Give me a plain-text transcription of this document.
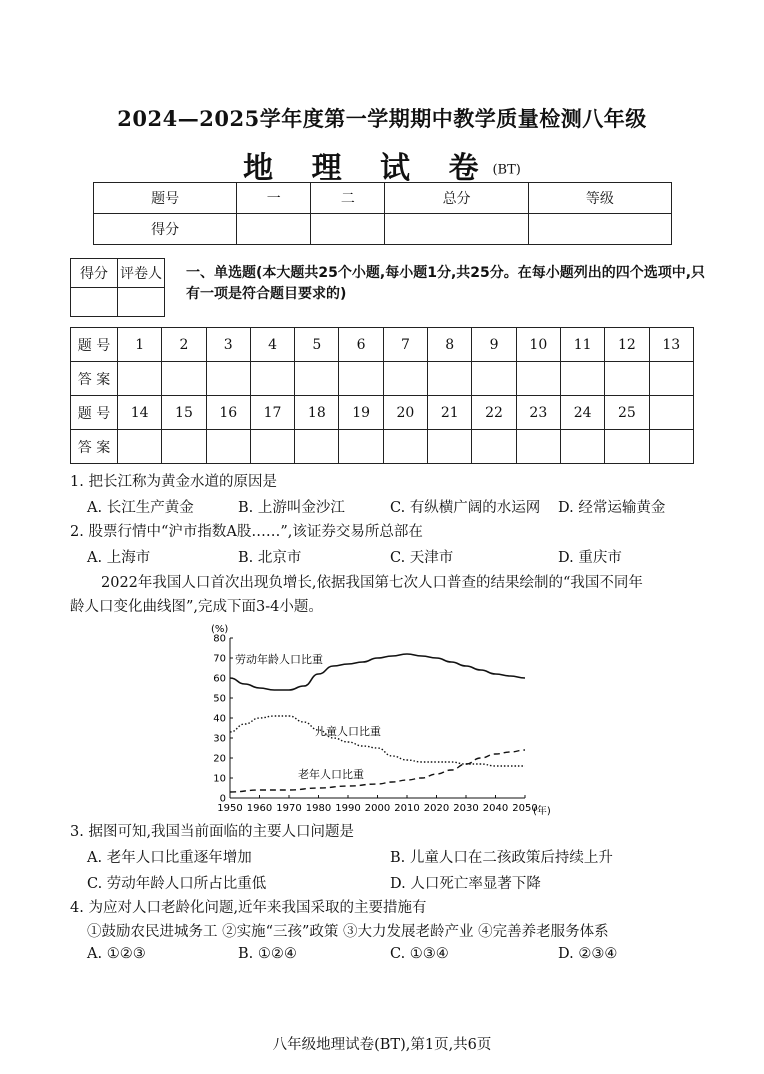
2024—2025学年度第一学期期中教学质量检测八年级
地 理 试 卷(BT)
题号	一	二	总分	等级
得分				
得分	评卷人
	一、单选题(本大题共25个小题,每小题1分,共25分。在每小题列出的四个选项中,只有一项是符合题目要求的)
题 号	1	2	3	4	5	6	7	8	9	10	11	12	13
答 案													
题 号	14	15	16	17	18	19	20	21	22	23	24	25	
答 案													
1. 把长江称为黄金水道的原因是
A. 长江生产黄金	B. 上游叫金沙江	C. 有纵横广阔的水运网 D. 经常运输黄金
2. 股票行情中“沪市指数A股……”,该证券交易所总部在
A. 上海市	B. 北京市	C. 天津市	D. 重庆市
2022年我国人口首次出现负增长,依据我国第七次人口普查的结果绘制的“我国不同年
龄人口变化曲线图”,完成下面3-4小题。
(%)
(年)
0
10
20
30
40
50
60
70
80
1950 1960 1970 1980 1990 2000 2010 2020 2030 2040 2050
劳动年龄人口比重
儿童人口比重
老年人口比重
3. 据图可知,我国当前面临的主要人口问题是
A. 老年人口比重逐年增加	B. 儿童人口在二孩政策后持续上升
C. 劳动年龄人口所占比重低	D. 人口死亡率显著下降
4. 为应对人口老龄化问题,近年来我国采取的主要措施有
①鼓励农民进城务工 ②实施“三孩”政策 ③大力发展老龄产业 ④完善养老服务体系
A. ①②③	B. ①②④	C. ①③④	D. ②③④
八年级地理试卷(BT),第1页,共6页
